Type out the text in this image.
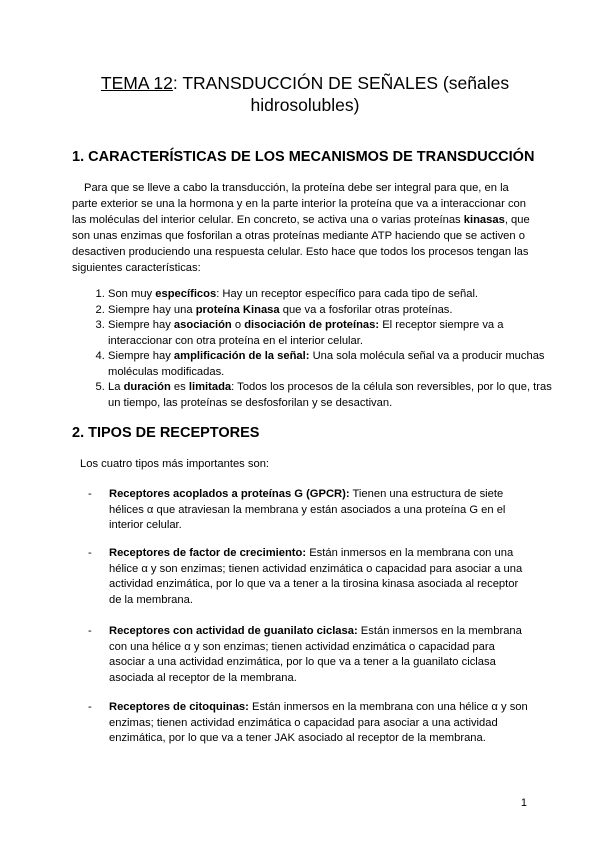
TEMA 12: TRANSDUCCIÓN DE SEÑALES (señales hidrosolubles)
1. CARACTERÍSTICAS DE LOS MECANISMOS DE TRANSDUCCIÓN
Para que se lleve a cabo la transducción, la proteína debe ser integral para que, en la parte exterior se una la hormona y en la parte interior la proteína que va a interaccionar con las moléculas del interior celular. En concreto, se activa una o varias proteínas kinasas, que son unas enzimas que fosforilan a otras proteínas mediante ATP haciendo que se activen o desactiven produciendo una respuesta celular. Esto hace que todos los procesos tengan las siguientes características:
1. Son muy específicos: Hay un receptor específico para cada tipo de señal.
2. Siempre hay una proteína Kinasa que va a fosforilar otras proteínas.
3. Siempre hay asociación o disociación de proteínas: El receptor siempre va a interaccionar con otra proteína en el interior celular.
4. Siempre hay amplificación de la señal: Una sola molécula señal va a producir muchas moléculas modificadas.
5. La duración es limitada: Todos los procesos de la célula son reversibles, por lo que, tras un tiempo, las proteínas se desfosforilan y se desactivan.
2. TIPOS DE RECEPTORES
Los cuatro tipos más importantes son:
- Receptores acoplados a proteínas G (GPCR): Tienen una estructura de siete hélices α que atraviesan la membrana y están asociados a una proteína G en el interior celular.
- Receptores de factor de crecimiento: Están inmersos en la membrana con una hélice α y son enzimas; tienen actividad enzimática o capacidad para asociar a una actividad enzimática, por lo que va a tener a la tirosina kinasa asociada al receptor de la membrana.
- Receptores con actividad de guanilato ciclasa: Están inmersos en la membrana con una hélice α y son enzimas; tienen actividad enzimática o capacidad para asociar a una actividad enzimática, por lo que va a tener a la guanilato ciclasa asociada al receptor de la membrana.
- Receptores de citoquinas: Están inmersos en la membrana con una hélice α y son enzimas; tienen actividad enzimática o capacidad para asociar a una actividad enzimática, por lo que va a tener JAK asociado al receptor de la membrana.
1
